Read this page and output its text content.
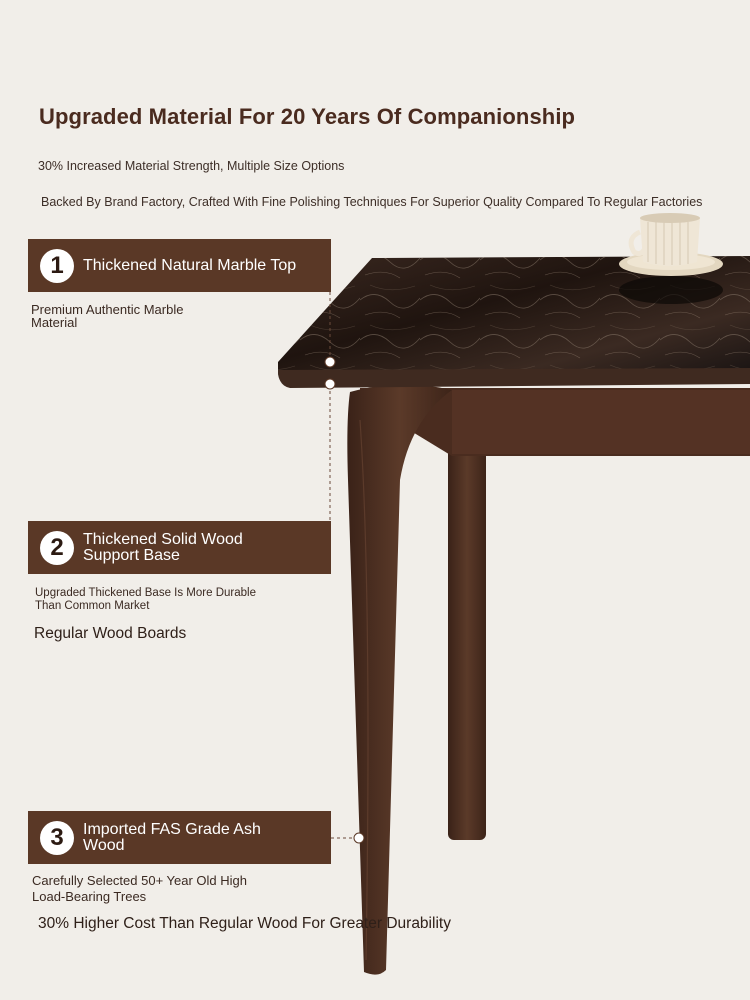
Upgraded Material For 20 Years Of Companionship
30% Increased Material Strength, Multiple Size Options
Backed By Brand Factory, Crafted With Fine Polishing Techniques For Superior Quality Compared To Regular Factories
1	Thickened Natural Marble Top
Premium Authentic Marble Material
2	Thickened Solid Wood Support Base
Upgraded Thickened Base Is More Durable Than Common Market
Regular Wood Boards
3	Imported FAS Grade Ash Wood
Carefully Selected 50+ Year Old High Load-Bearing Trees
30% Higher Cost Than Regular Wood For Greater Durability
